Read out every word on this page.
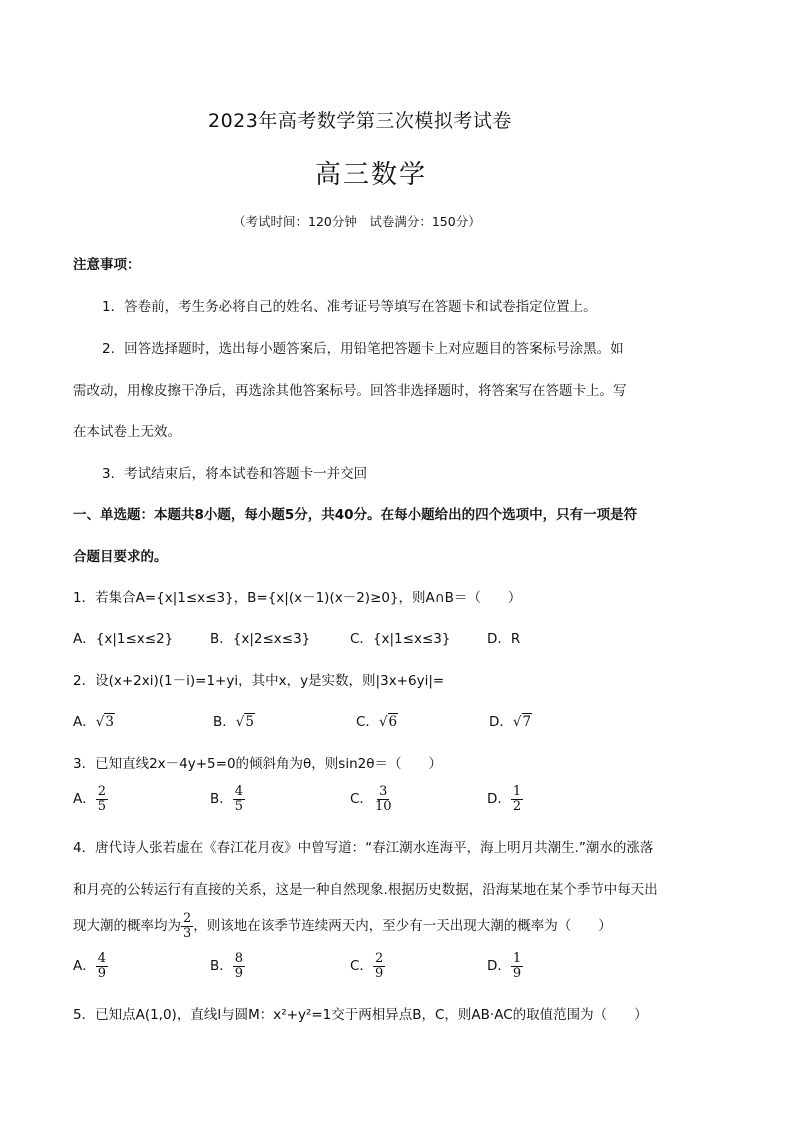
2023年高考数学第三次模拟考试卷
高三数学
（考试时间：120分钟　试卷满分：150分）
注意事项：
1．答卷前，考生务必将自己的姓名、准考证号等填写在答题卡和试卷指定位置上。
2．回答选择题时，选出每小题答案后，用铅笔把答题卡上对应题目的答案标号涂黑。如
需改动，用橡皮擦干净后，再选涂其他答案标号。回答非选择题时，将答案写在答题卡上。写
在本试卷上无效。
3．考试结束后，将本试卷和答题卡一并交回
一、单选题：本题共8小题，每小题5分，共40分。在每小题给出的四个选项中，只有一项是符
合题目要求的。
1．若集合A={x|1≤x≤3}，B={x|(x－1)(x－2)≥0}，则A∩B＝（　　）
A．{x|1≤x≤2}	B．{x|2≤x≤3}	C．{x|1≤x≤3}	D．R
2．设(x+2xi)(1－i)=1+yi，其中x，y是实数，则|3x+6yi|=
A．√3	B．√5	C．√6	D．√7
3．已知直线2x－4y+5=0的倾斜角为θ，则sin2θ＝（　　）
A． $\frac{2}{5}$	B． $\frac{4}{5}$	C． $\frac{3}{10}$	D． $\frac{1}{2}$
4．唐代诗人张若虚在《春江花月夜》中曾写道：“春江潮水连海平，海上明月共潮生.”潮水的涨落
和月亮的公转运行有直接的关系，这是一种自然现象.根据历史数据，沿海某地在某个季节中每天出
现大潮的概率均为 $\frac{2}{3}$ ，则该地在该季节连续两天内，至少有一天出现大潮的概率为（　　）
A． $\frac{4}{9}$	B． $\frac{8}{9}$	C． $\frac{2}{9}$	D． $\frac{1}{9}$
5．已知点A(1,0)，直线l与圆M：x²+y²=1交于两相异点B，C，则AB·AC的取值范围为（　　）
